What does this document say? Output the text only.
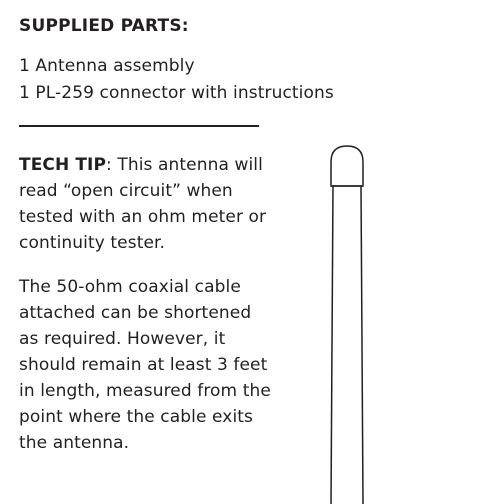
SUPPLIED PARTS:
1 Antenna assembly
1 PL-259 connector with instructions

TECH TIP: This antenna will read “open circuit” when tested with an ohm meter or continuity tester.

The 50-ohm coaxial cable attached can be shortened as required. However, it should remain at least 3 feet in length, measured from the point where the cable exits the antenna.
